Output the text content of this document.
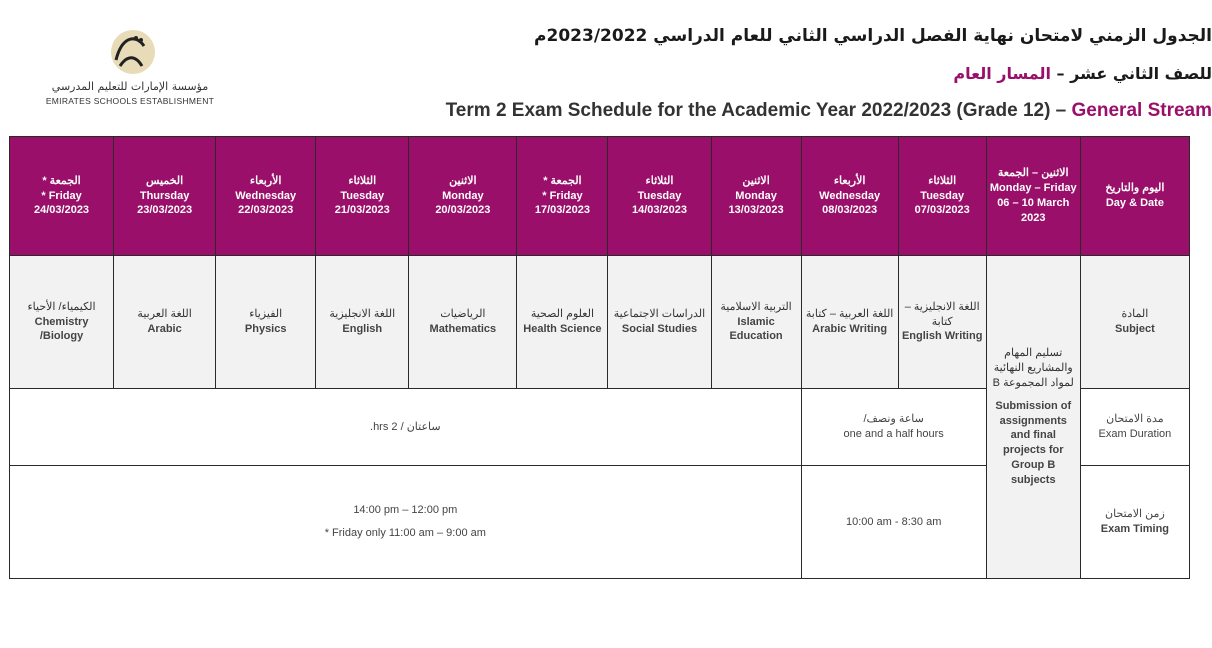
مؤسسة الإمارات للتعليم المدرسي
EMIRATES SCHOOLS ESTABLISHMENT
الجدول الزمني لامتحان نهاية الفصل الدراسي الثاني للعام الدراسي 2023/2022م
للصف الثاني عشر – المسار العام
Term 2 Exam Schedule for the Academic Year 2022/2023 (Grade 12) – General Stream
الجمعة *
* Friday
24/03/2023	الخميس
Thursday
23/03/2023	الأربعاء
Wednesday
22/03/2023	الثلاثاء
Tuesday
21/03/2023	الاثنين
Monday
20/03/2023	الجمعة *
* Friday
17/03/2023	الثلاثاء
Tuesday
14/03/2023	الاثنين
Monday
13/03/2023	الأربعاء
Wednesday
08/03/2023	الثلاثاء
Tuesday
07/03/2023	الاثنين – الجمعة
Monday – Friday
06 – 10 March 2023	اليوم والتاريخ
Day & Date

الكيمياء/ الأحياء
Chemistry /Biology	اللغة العربية
Arabic	الفيزياء
Physics	اللغة الانجليزية
English	الرياضيات
Mathematics	العلوم الصحية
Health Science	الدراسات الاجتماعية
Social Studies	التربية الاسلامية
Islamic Education	اللغة العربية – كتابة
Arabic Writing	اللغة الانجليزية – كتابة
English Writing	تسليم المهام والمشاريع النهائية لمواد المجموعة B
Submission of assignments and final projects for Group B subjects	المادة
Subject

ساعتان / 2 hrs.								ساعة ونصف/
one and a half hours			مدة الامتحان
Exam Duration

14:00 pm – 12:00 pm
* Friday only 11:00 am – 9:00 am								10:00 am - 8:30 am			زمن الامتحان
Exam Timing
